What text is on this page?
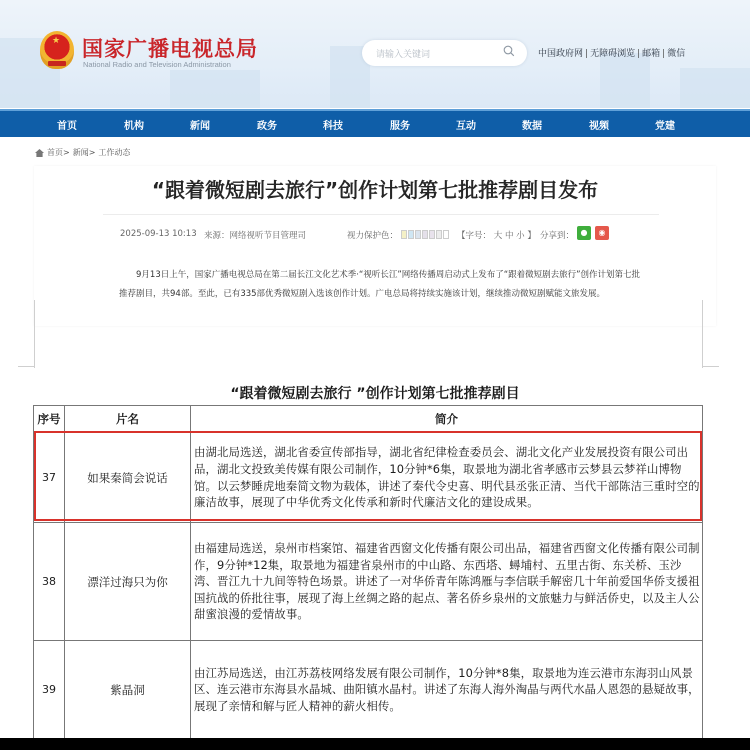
★ 国家广播电视总局
National Radio and Television Administration
请输入关键词	中国政府网 | 无障碍浏览 | 邮箱 | 微信
首页	机构	新闻	政务	科技	服务	互动	数据	视频	党建
首页> 新闻> 工作动态
“跟着微短剧去旅行”创作计划第七批推荐剧目发布
2025-09-13 10:13 来源：网络视听节目管理司	视力保护色：	【字号： 大 中 小 】 分享到： ●	◉
9月13日上午，国家广播电视总局在第二届长江文化艺术季·“视听长江”网络传播周启动式上发布了“跟着微短剧去旅行”创作计划第七批推荐剧目，共94部。至此，已有335部优秀微短剧入选该创作计划。广电总局将持续实施该计划，继续推动微短剧赋能文旅发展。
“跟着微短剧去旅行 ”创作计划第七批推荐剧目
序号	片名	简介
37	如果秦简会说话	由湖北局选送，湖北省委宣传部指导，湖北省纪律检查委员会、湖北文化产业发展投资有限公司出品，湖北文投致美传媒有限公司制作，10分钟*6集，取景地为湖北省孝感市云梦县云梦祥山博物馆。以云梦睡虎地秦简文物为载体，讲述了秦代令史喜、明代县丞张正清、当代干部陈洁三重时空的廉洁故事，展现了中华优秀文化传承和新时代廉洁文化的建设成果。
38	漂洋过海只为你	由福建局选送，泉州市档案馆、福建省西窗文化传播有限公司出品，福建省西窗文化传播有限公司制作，9分钟*12集，取景地为福建省泉州市的中山路、东西塔、蟳埔村、五里古街、东关桥、玉沙湾、晋江九十九间等特色场景。讲述了一对华侨青年陈鸿雁与李信联手解密几十年前爱国华侨支援祖国抗战的侨批往事，展现了海上丝绸之路的起点、著名侨乡泉州的文旅魅力与鲜活侨史，以及主人公甜蜜浪漫的爱情故事。
39	紫晶洞	由江苏局选送，由江苏荔枝网络发展有限公司制作，10分钟*8集，取景地为连云港市东海羽山风景区、连云港市东海县水晶城、曲阳镇水晶村。讲述了东海人海外淘晶与两代水晶人恩怨的悬疑故事，展现了亲情和解与匠人精神的薪火相传。
